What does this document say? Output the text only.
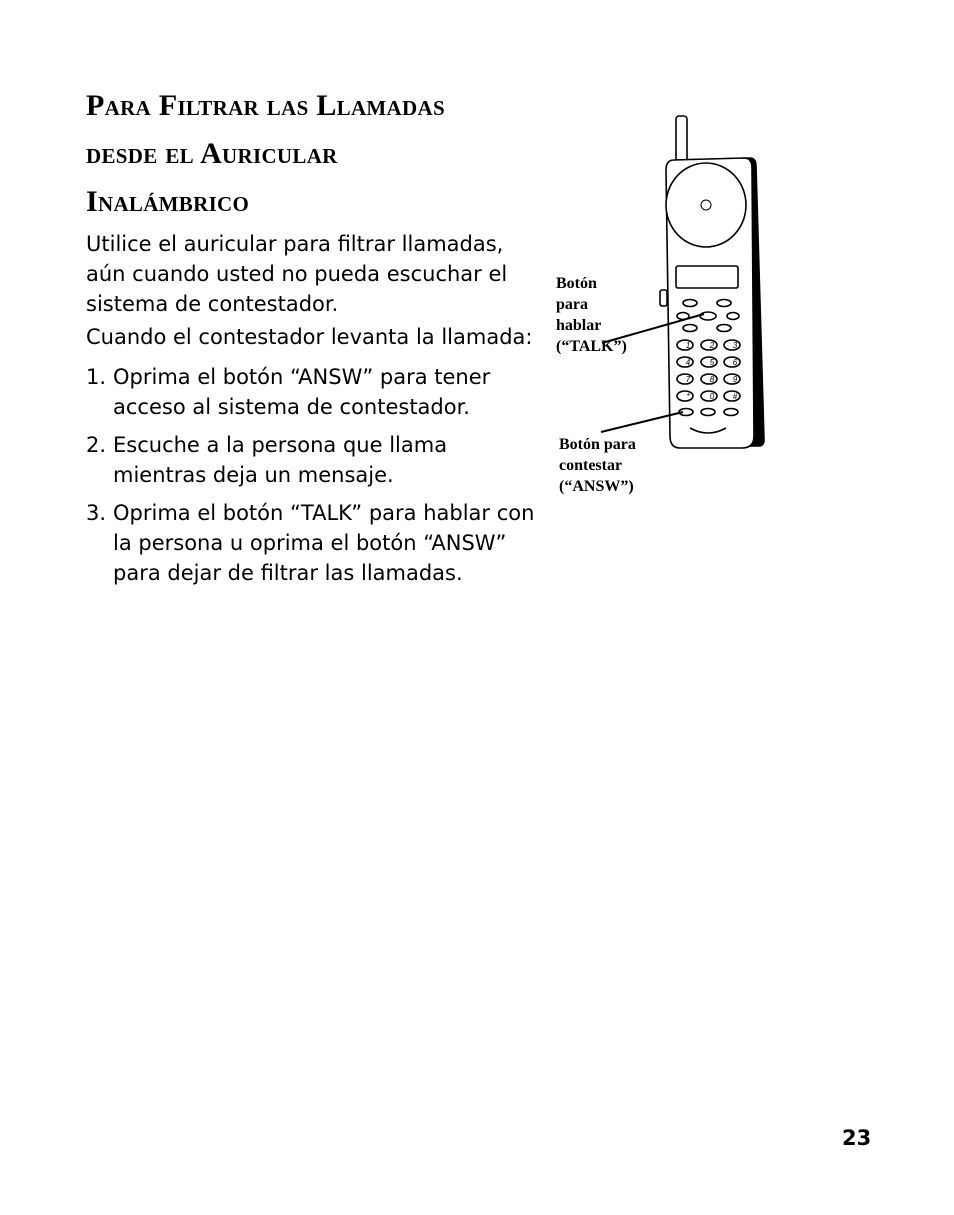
Para Filtrar las Llamadas
desde el Auricular
Inalámbrico

Utilice el auricular para filtrar llamadas, aún cuando usted no pueda escuchar el sistema de contestador.

Cuando el contestador levanta la llamada:

1. Oprima el botón “ANSW” para tener acceso al sistema de contestador.
2. Escuche a la persona que llama mientras deja un mensaje.
3. Oprima el botón “TALK” para hablar con la persona u oprima el botón “ANSW” para dejar de filtrar las llamadas.
1 2 3
4 5 6
7 8 9
*	0 #
Botón
para
hablar
(“TALK”)
Botón para
contestar
(“ANSW”)
23
